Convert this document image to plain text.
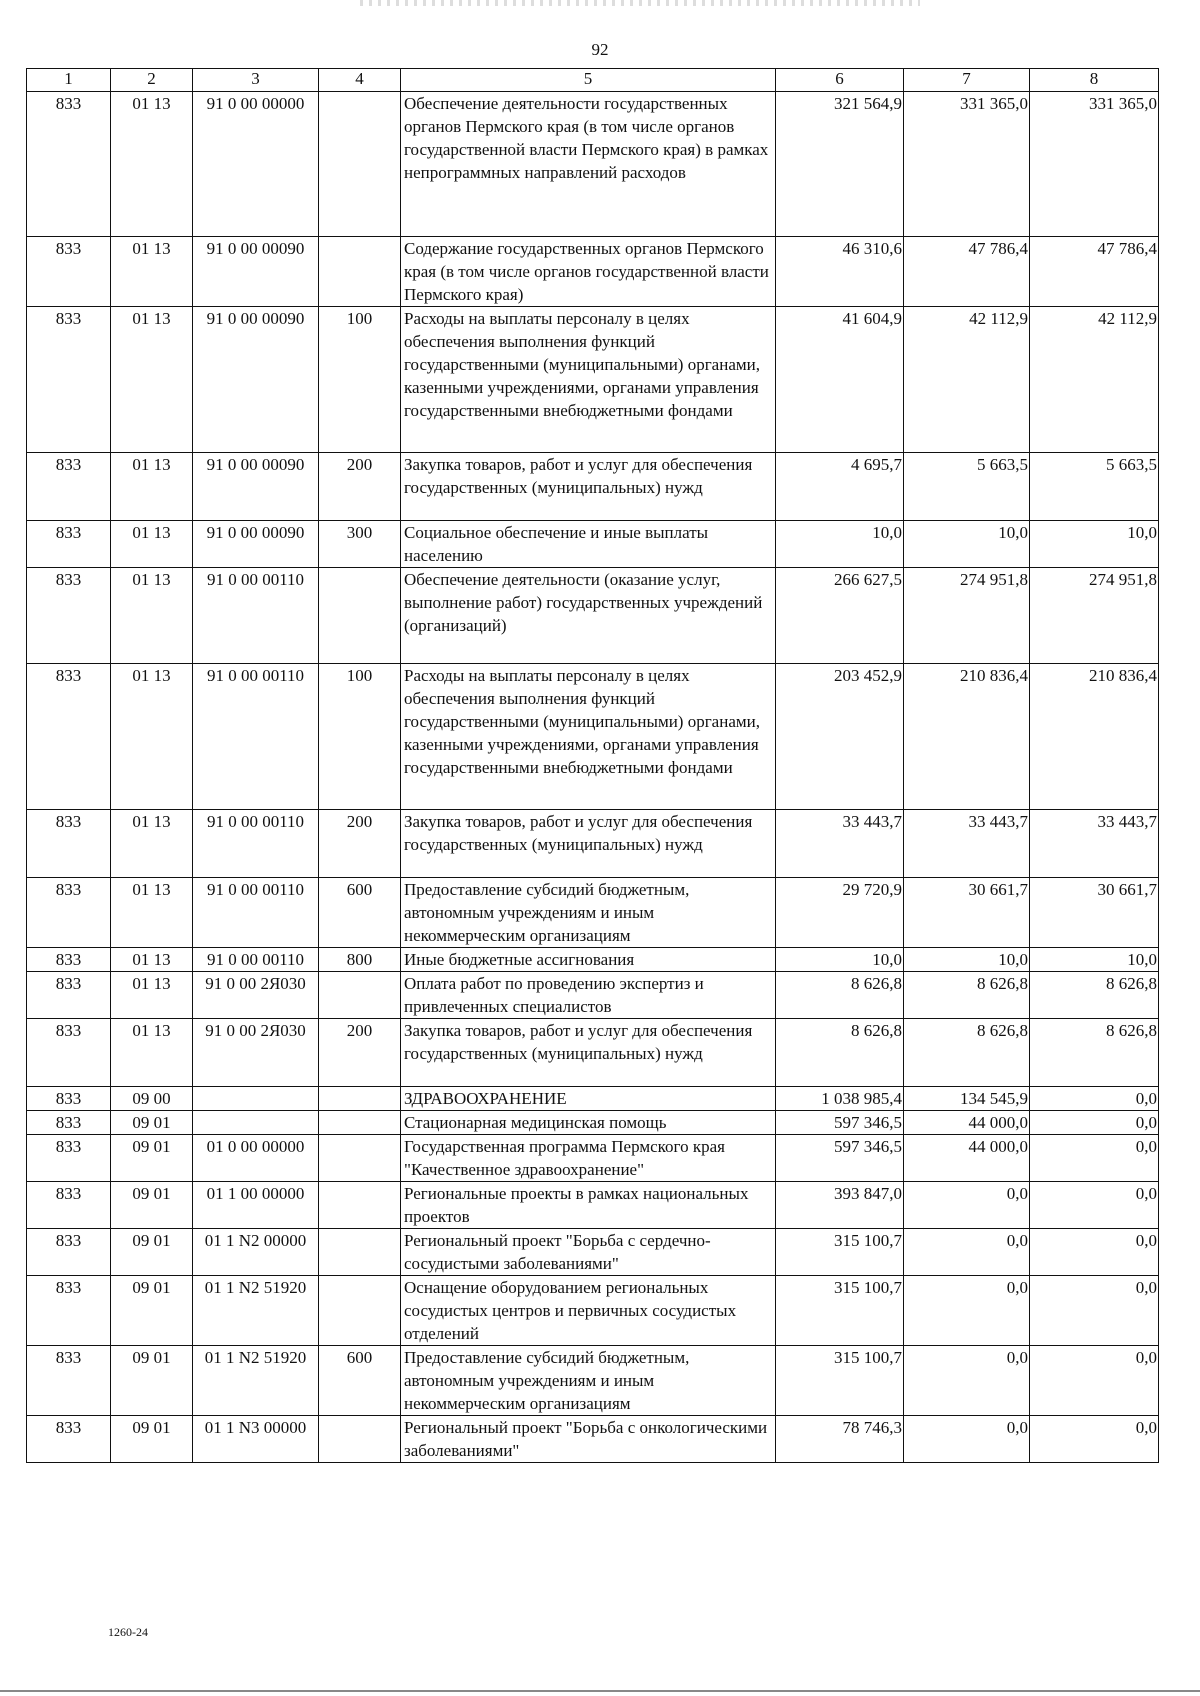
92
1	2	3	4	5	6	7	8
833	01 13	91 0 00 00000		Обеспечение деятельности государственных органов Пермского края (в том числе органов государственной власти Пермского края) в рамках непрограммных направлений расходов	321 564,9	331 365,0	331 365,0
833	01 13	91 0 00 00090		Содержание государственных органов Пермского края (в том числе органов государственной власти Пермского края)	46 310,6	47 786,4	47 786,4
833	01 13	91 0 00 00090	100	Расходы на выплаты персоналу в целях обеспечения выполнения функций государственными (муниципальными) органами, казенными учреждениями, органами управления государственными внебюджетными фондами	41 604,9	42 112,9	42 112,9
833	01 13	91 0 00 00090	200	Закупка товаров, работ и услуг для обеспечения государственных (муниципальных) нужд	4 695,7	5 663,5	5 663,5
833	01 13	91 0 00 00090	300	Социальное обеспечение и иные выплаты населению	10,0	10,0	10,0
833	01 13	91 0 00 00110		Обеспечение деятельности (оказание услуг, выполнение работ) государственных учреждений (организаций)	266 627,5	274 951,8	274 951,8
833	01 13	91 0 00 00110	100	Расходы на выплаты персоналу в целях обеспечения выполнения функций государственными (муниципальными) органами, казенными учреждениями, органами управления государственными внебюджетными фондами	203 452,9	210 836,4	210 836,4
833	01 13	91 0 00 00110	200	Закупка товаров, работ и услуг для обеспечения государственных (муниципальных) нужд	33 443,7	33 443,7	33 443,7
833	01 13	91 0 00 00110	600	Предоставление субсидий бюджетным, автономным учреждениям и иным некоммерческим организациям	29 720,9	30 661,7	30 661,7
833	01 13	91 0 00 00110	800	Иные бюджетные ассигнования	10,0	10,0	10,0
833	01 13	91 0 00 2Я030		Оплата работ по проведению экспертиз и привлеченных специалистов	8 626,8	8 626,8	8 626,8
833	01 13	91 0 00 2Я030	200	Закупка товаров, работ и услуг для обеспечения государственных (муниципальных) нужд	8 626,8	8 626,8	8 626,8
833	09 00			ЗДРАВООХРАНЕНИЕ	1 038 985,4	134 545,9	0,0
833	09 01			Стационарная медицинская помощь	597 346,5	44 000,0	0,0
833	09 01	01 0 00 00000		Государственная программа Пермского края "Качественное здравоохранение"	597 346,5	44 000,0	0,0
833	09 01	01 1 00 00000		Региональные проекты в рамках национальных проектов	393 847,0	0,0	0,0
833	09 01	01 1 N2 00000		Региональный проект "Борьба с сердечно-сосудистыми заболеваниями"	315 100,7	0,0	0,0
833	09 01	01 1 N2 51920		Оснащение оборудованием региональных сосудистых центров и первичных сосудистых отделений	315 100,7	0,0	0,0
833	09 01	01 1 N2 51920	600	Предоставление субсидий бюджетным, автономным учреждениям и иным некоммерческим организациям	315 100,7	0,0	0,0
833	09 01	01 1 N3 00000		Региональный проект "Борьба с онкологическими заболеваниями"	78 746,3	0,0	0,0
1260-24
